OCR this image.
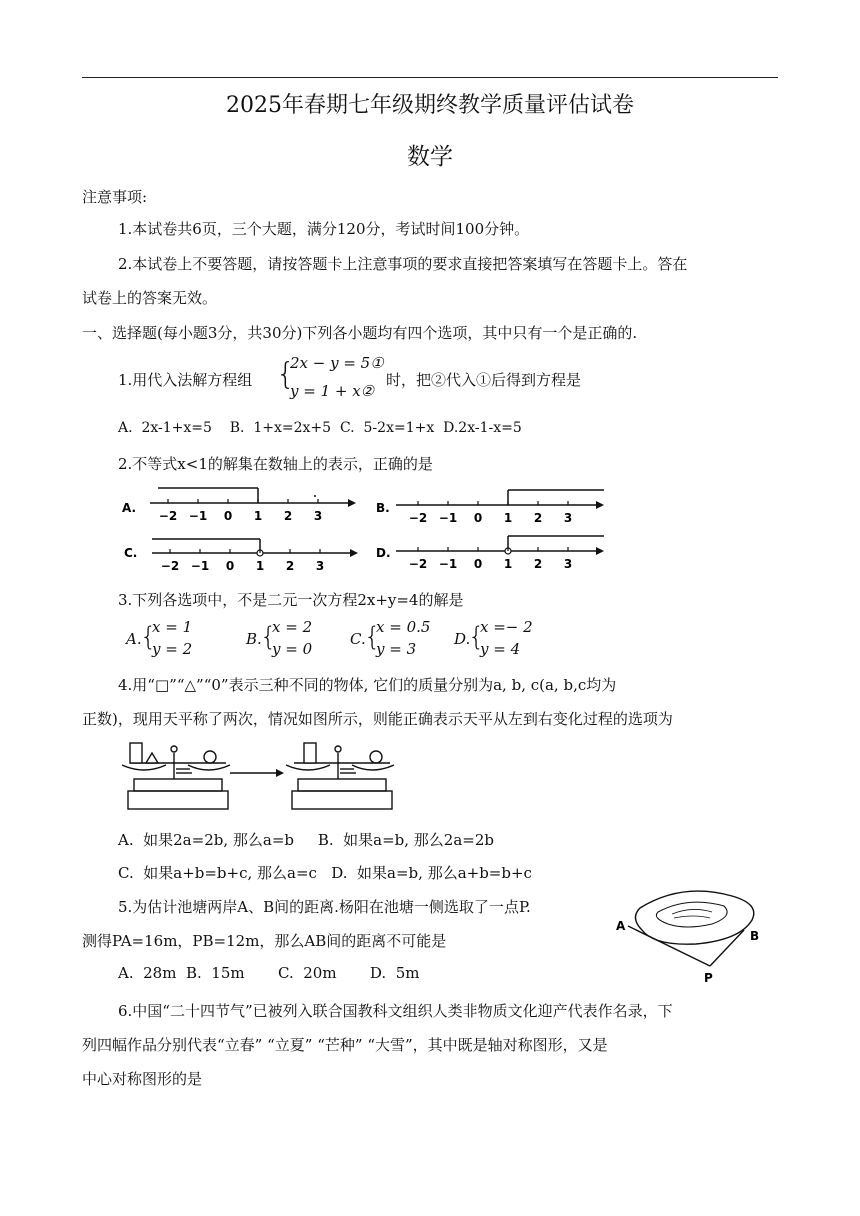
2025年春期七年级期终教学质量评估试卷
数学
注意事项:
1.本试卷共6页，三个大题，满分120分，考试时间100分钟。
2.本试卷上不要答题，请按答题卡上注意事项的要求直接把答案填写在答题卡上。答在
试卷上的答案无效。
一、选择题(每小题3分，共30分)下列各小题均有四个选项，其中只有一个是正确的.
1.用代入法解方程组 {
2x − y = 5①
y = 1 + x②
时，把②代入①后得到方程是
A.  2x-1+x=5    B.  1+x=2x+5  C.  5-2x=1+x  D.2x-1-x=5
2.不等式x<1的解集在数轴上的表示，正确的是
A.
−2 −1 0 1 2 3
B.
−2 −1 0 1 2 3
C.
−2 −1 0 1 2 3
D.
−2 −1 0 1 2 3
3.下列各选项中，不是二元一次方程2x+y=4的解是
A.
{
x = 1
y = 2
B.
{
x = 2
y = 0
C.
{
x = 0.5
y = 3
D.
{
x =− 2
y = 4
4.用“□”“△”“0”表示三种不同的物体, 它们的质量分别为a, b, c(a, b,c均为
正数)，现用天平称了两次，情况如图所示，则能正确表示天平从左到右变化过程的选项为
A.  如果2a=2b, 那么a=b     B.  如果a=b, 那么2a=2b
C.  如果a+b=b+c, 那么a=c   D.  如果a=b, 那么a+b=b+c
5.为估计池塘两岸A、B间的距离.杨阳在池塘一侧选取了一点P.
测得PA=16m，PB=12m，那么AB间的距离不可能是
A.  28m  B.  15m       C.  20m       D.  5m
A
B
P
6.中国“二十四节气”已被列入联合国教科文组织人类非物质文化迎产代表作名录，下
列四幅作品分别代表“立春” “立夏” “芒种” “大雪”，其中既是轴对称图形，又是
中心对称图形的是
